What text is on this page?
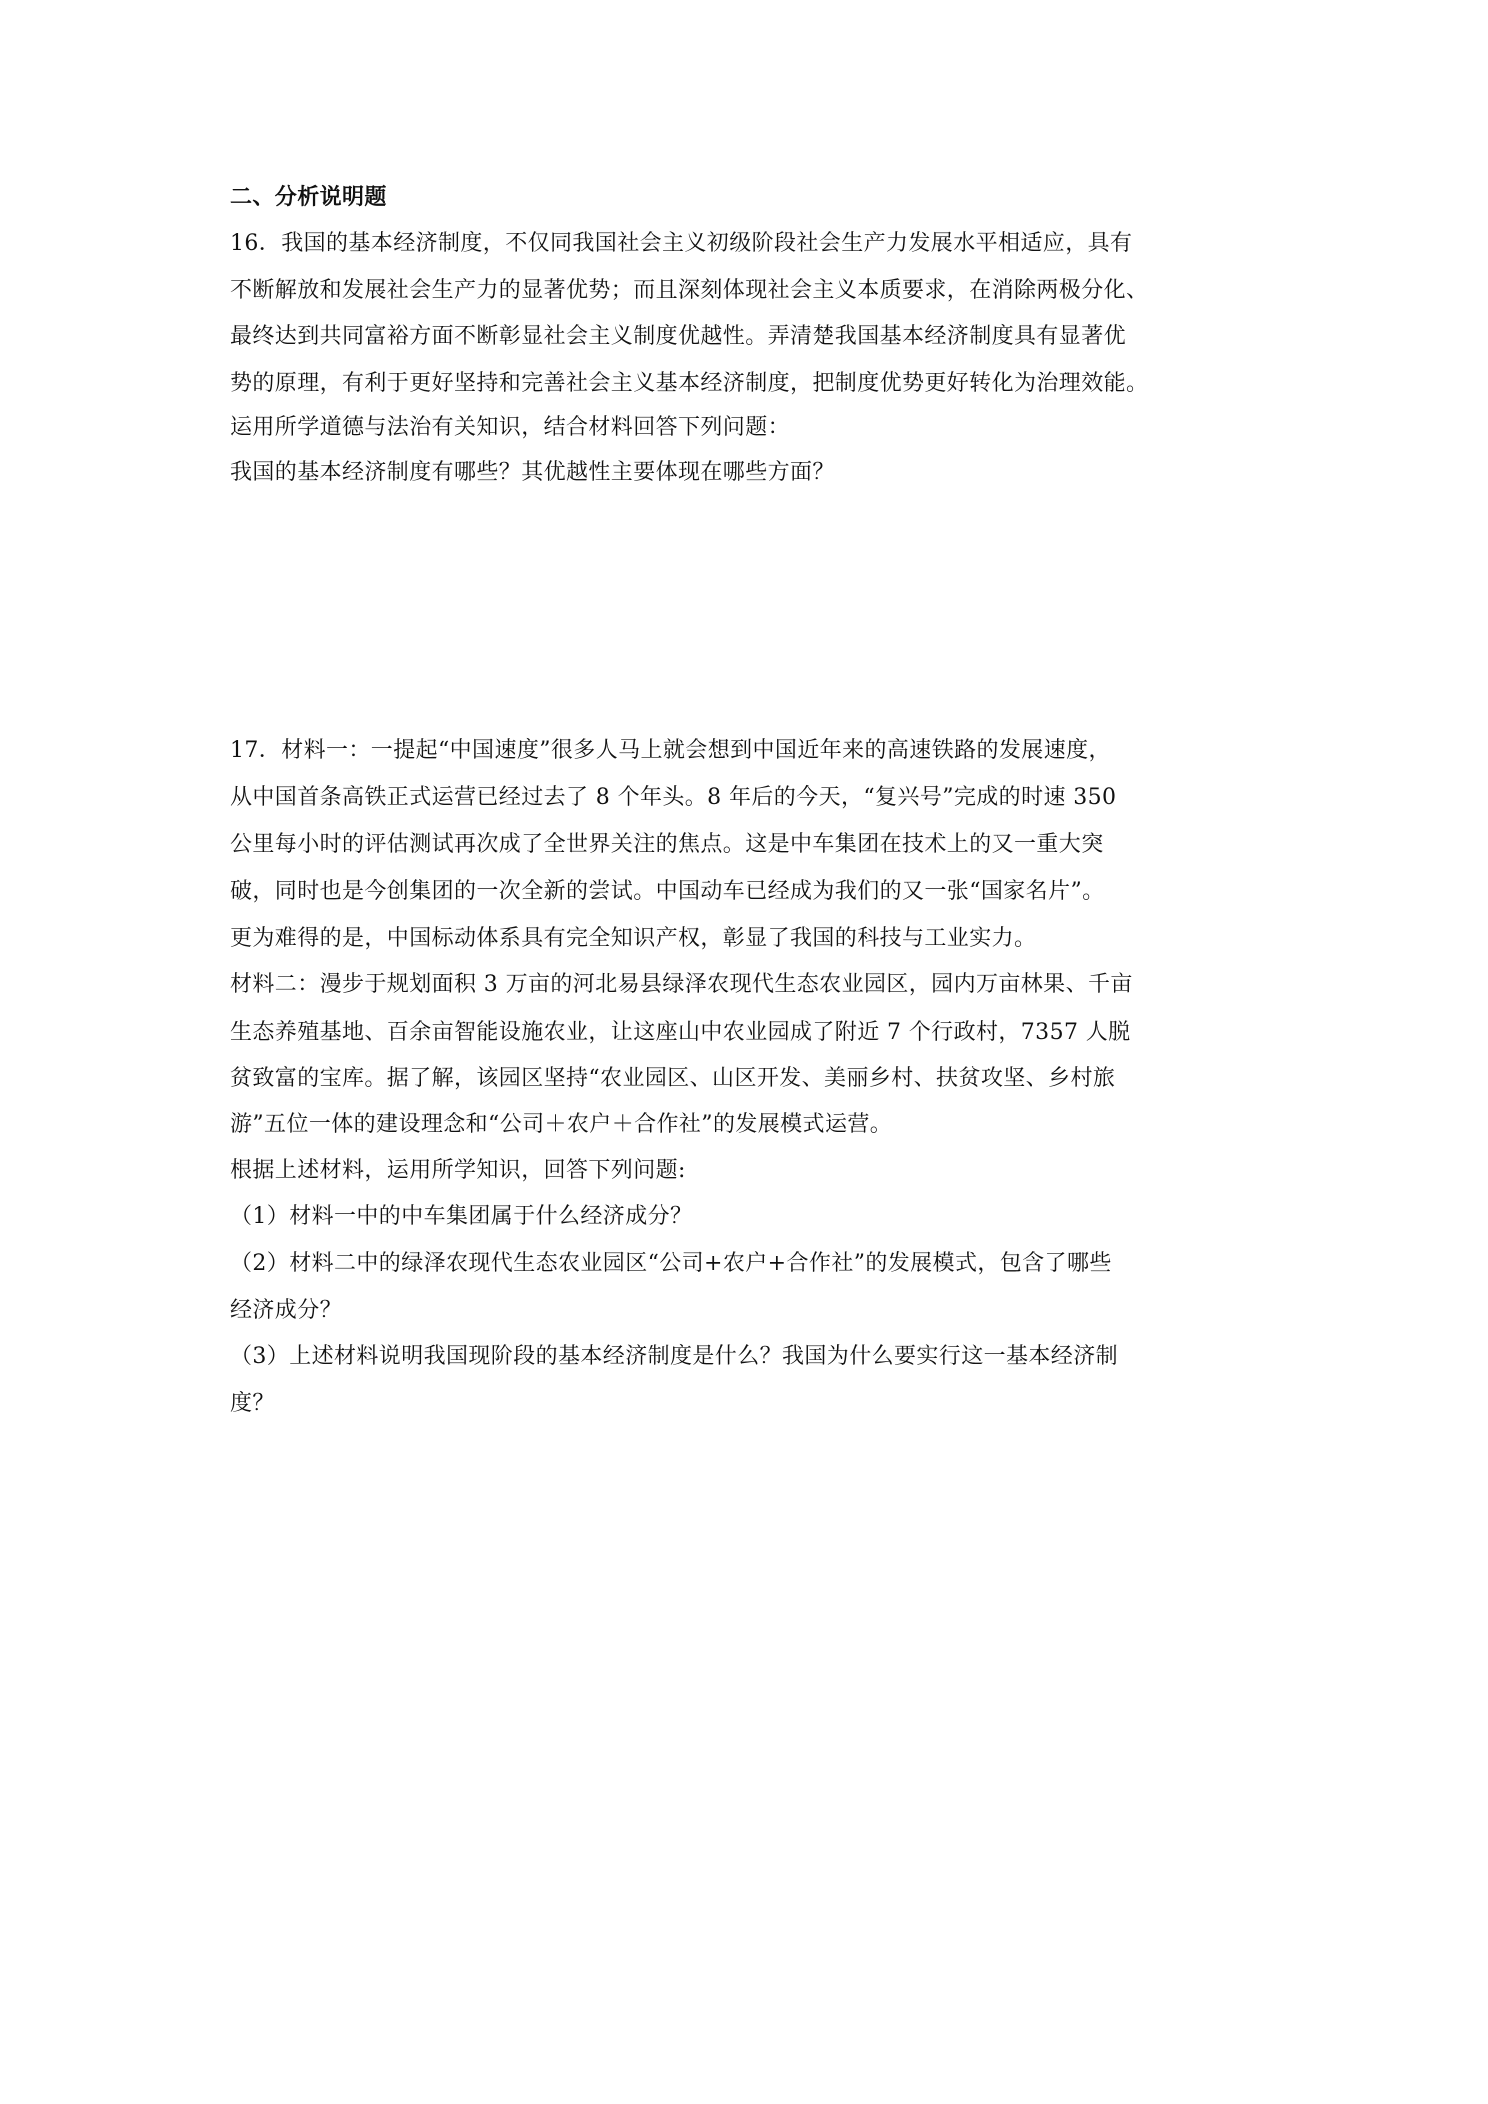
二、分析说明题
16．我国的基本经济制度，不仅同我国社会主义初级阶段社会生产力发展水平相适应，具有
不断解放和发展社会生产力的显著优势；而且深刻体现社会主义本质要求，在消除两极分化、
最终达到共同富裕方面不断彰显社会主义制度优越性。弄清楚我国基本经济制度具有显著优
势的原理，有利于更好坚持和完善社会主义基本经济制度，把制度优势更好转化为治理效能。
运用所学道德与法治有关知识，结合材料回答下列问题：
我国的基本经济制度有哪些？其优越性主要体现在哪些方面？
17．材料一：一提起“中国速度”很多人马上就会想到中国近年来的高速铁路的发展速度，
从中国首条高铁正式运营已经过去了 8 个年头。8 年后的今天，“复兴号”完成的时速 350
公里每小时的评估测试再次成了全世界关注的焦点。这是中车集团在技术上的又一重大突
破，同时也是今创集团的一次全新的尝试。中国动车已经成为我们的又一张“国家名片”。
更为难得的是，中国标动体系具有完全知识产权，彰显了我国的科技与工业实力。
材料二：漫步于规划面积 3 万亩的河北易县绿泽农现代生态农业园区，园内万亩林果、千亩
生态养殖基地、百余亩智能设施农业，让这座山中农业园成了附近 7 个行政村，7357 人脱
贫致富的宝库。据了解，该园区坚持“农业园区、山区开发、美丽乡村、扶贫攻坚、乡村旅
游”五位一体的建设理念和“公司＋农户＋合作社”的发展模式运营。
根据上述材料，运用所学知识，回答下列问题:
（1）材料一中的中车集团属于什么经济成分？
（2）材料二中的绿泽农现代生态农业园区“公司+农户+合作社”的发展模式，包含了哪些
经济成分？
（3）上述材料说明我国现阶段的基本经济制度是什么？我国为什么要实行这一基本经济制
度？
